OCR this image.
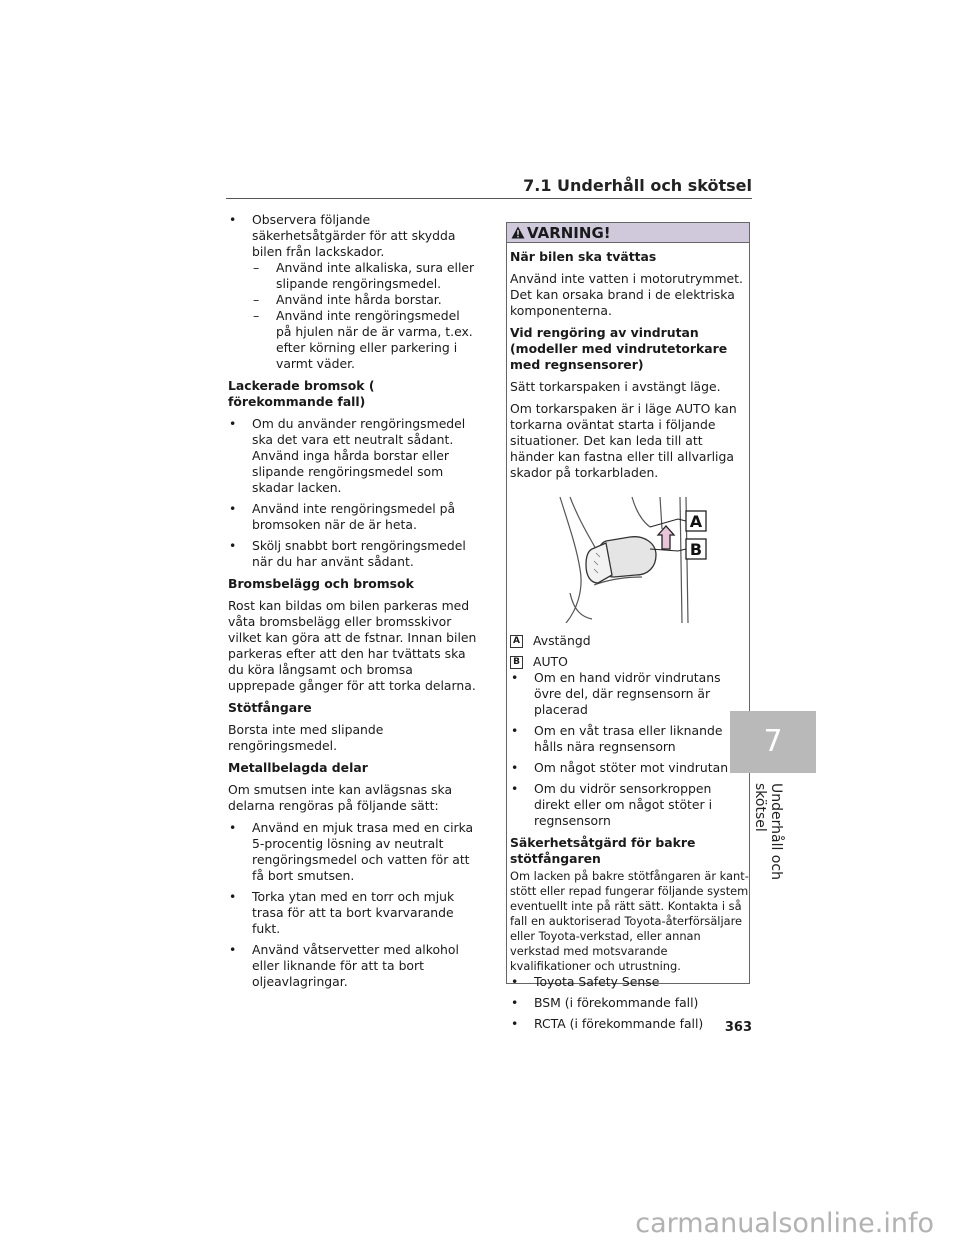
7.1 Underhåll och skötsel
• Observera följande säkerhetsåtgärder för att skydda bilen från lackskador.
– Använd inte alkaliska, sura eller slipande rengöringsmedel.
– Använd inte hårda borstar.
– Använd inte rengöringsmedel på hjulen när de är varma, t.ex. efter körning eller parkering i varmt väder.
Lackerade bromsok ( förekommande fall)
• Om du använder rengöringsmedel ska det vara ett neutralt sådant. Använd inga hårda borstar eller slipande rengöringsmedel som skadar lacken.
• Använd inte rengöringsmedel på bromsoken när de är heta.
• Skölj snabbt bort rengöringsmedel när du har använt sådant.
Bromsbelägg och bromsok

Rost kan bildas om bilen parkeras med våta bromsbelägg eller bromsskivor vilket kan göra att de fstnar. Innan bilen parkeras efter att den har tvättats ska du köra långsamt och bromsa upprepade gånger för att torka delarna.

Stötfångare

Borsta inte med slipande rengöringsmedel.

Metallbelagda delar

Om smutsen inte kan avlägsnas ska delarna rengöras på följande sätt:

• Använd en mjuk trasa med en cirka 5-procentig lösning av neutralt rengöringsmedel och vatten för att få bort smutsen.
• Torka ytan med en torr och mjuk trasa för att ta bort kvarvarande fukt.
• Använd våtservetter med alkohol eller liknande för att ta bort oljeavlagringar.
VARNING!
När bilen ska tvättas

Använd inte vatten i motorutrymmet. Det kan orsaka brand i de elektriska komponenterna.

Vid rengöring av vindrutan (modeller med vindrutetorkare med regnsensorer)

Sätt torkarspaken i avstängt läge.

Om torkarspaken är i läge AUTO kan torkarna oväntat starta i följande situationer. Det kan leda till att händer kan fastna eller till allvarliga skador på torkarbladen.

A
B
A Avstängd
B AUTO
• Om en hand vidrör vindrutans övre del, där regnsensorn är placerad
• Om en våt trasa eller liknande hålls nära regnsensorn
• Om något stöter mot vindrutan
• Om du vidrör sensorkroppen direkt eller om något stöter i regnsensorn
Säkerhetsåtgärd för bakre stötfångaren

Om lacken på bakre stötfångaren är kant-stött eller repad fungerar följande system eventuellt inte på rätt sätt. Kontakta i så fall en auktoriserad Toyota-återförsäljare eller Toyota-verkstad, eller annan verkstad med motsvarande kvalifikationer och utrustning.

• Toyota Safety Sense
• BSM (i förekommande fall)
• RCTA (i förekommande fall)
7
Underhåll och skötsel
363
carmanualsonline.info
